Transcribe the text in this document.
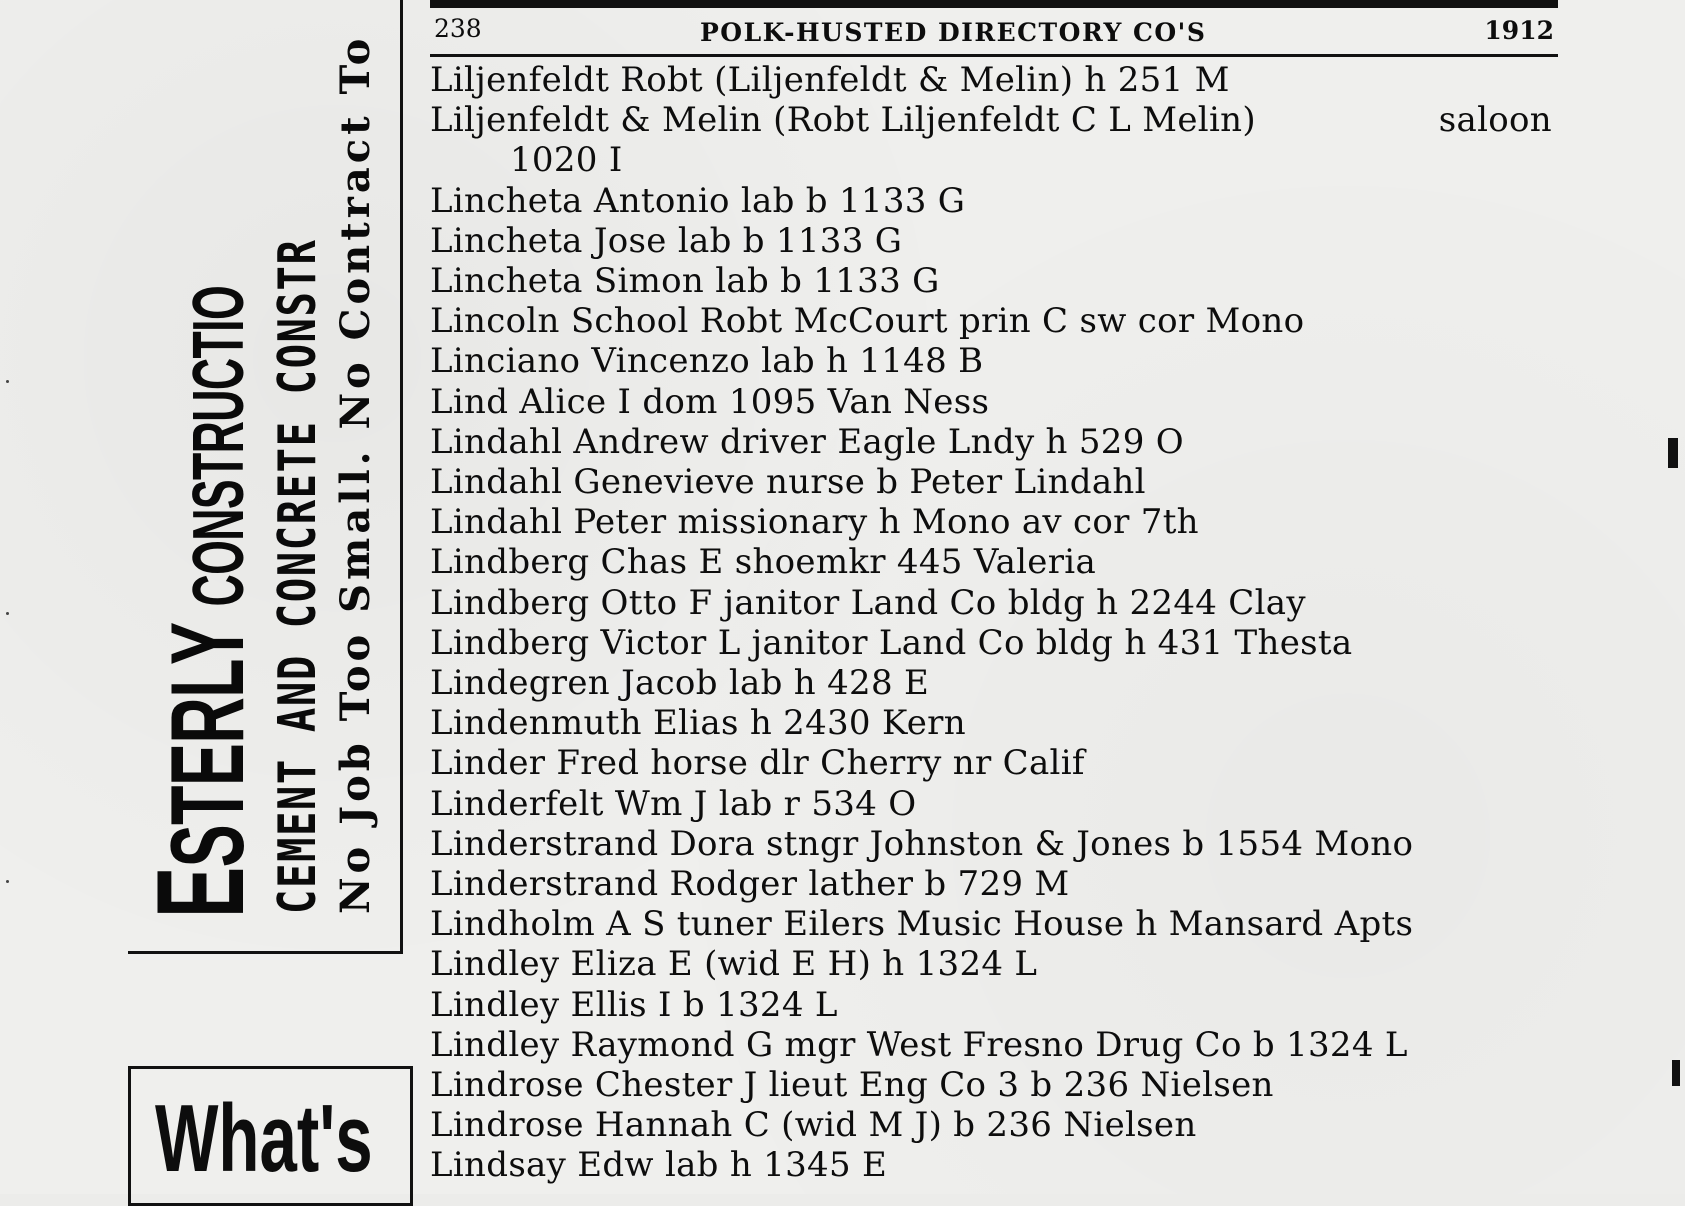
ESTERLY CONSTRUCTIO CEMENT AND CONCRETE CONSTR No Job Too Small. No Contract To
What's
238	POLK-HUSTED DIRECTORY CO'S	1912
Liljenfeldt Robt (Liljenfeldt & Melin) h 251 M
Liljenfeldt & Melin (Robt Liljenfeldt C L Melin)	saloon
1020 I
Lincheta Antonio lab b 1133 G
Lincheta Jose lab b 1133 G
Lincheta Simon lab b 1133 G
Lincoln School Robt McCourt prin C sw cor Mono
Linciano Vincenzo lab h 1148 B
Lind Alice I dom 1095 Van Ness
Lindahl Andrew driver Eagle Lndy h 529 O
Lindahl Genevieve nurse b Peter Lindahl
Lindahl Peter missionary h Mono av cor 7th
Lindberg Chas E shoemkr 445 Valeria
Lindberg Otto F janitor Land Co bldg h 2244 Clay
Lindberg Victor L janitor Land Co bldg h 431 Thesta
Lindegren Jacob lab h 428 E
Lindenmuth Elias h 2430 Kern
Linder Fred horse dlr Cherry nr Calif
Linderfelt Wm J lab r 534 O
Linderstrand Dora stngr Johnston & Jones b 1554 Mono
Linderstrand Rodger lather b 729 M
Lindholm A S tuner Eilers Music House h Mansard Apts
Lindley Eliza E (wid E H) h 1324 L
Lindley Ellis I b 1324 L
Lindley Raymond G mgr West Fresno Drug Co b 1324 L
Lindrose Chester J lieut Eng Co 3 b 236 Nielsen
Lindrose Hannah C (wid M J) b 236 Nielsen
Lindsay Edw lab h 1345 E
